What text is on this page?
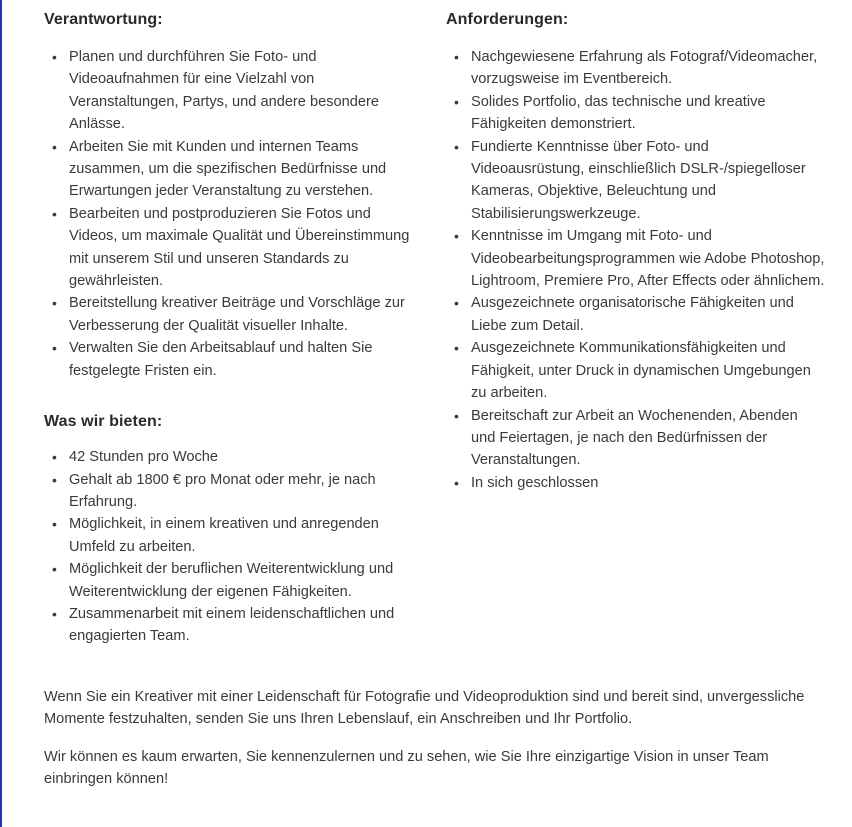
Verantwortung:
• Planen und durchführen Sie Foto- und Videoaufnahmen für eine Vielzahl von Veranstaltungen, Partys, und andere besondere Anlässe.
• Arbeiten Sie mit Kunden und internen Teams zusammen, um die spezifischen Bedürfnisse und Erwartungen jeder Veranstaltung zu verstehen.
• Bearbeiten und postproduzieren Sie Fotos und Videos, um maximale Qualität und Übereinstimmung mit unserem Stil und unseren Standards zu gewährleisten.
• Bereitstellung kreativer Beiträge und Vorschläge zur Verbesserung der Qualität visueller Inhalte.
• Verwalten Sie den Arbeitsablauf und halten Sie festgelegte Fristen ein.
Was wir bieten:
• 42 Stunden pro Woche
• Gehalt ab 1800 € pro Monat oder mehr, je nach Erfahrung.
• Möglichkeit, in einem kreativen und anregenden Umfeld zu arbeiten.
• Möglichkeit der beruflichen Weiterentwicklung und Weiterentwicklung der eigenen Fähigkeiten.
• Zusammenarbeit mit einem leidenschaftlichen und engagierten Team.
Anforderungen:
• Nachgewiesene Erfahrung als Fotograf/Videomacher, vorzugsweise im Eventbereich.
• Solides Portfolio, das technische und kreative Fähigkeiten demonstriert.
• Fundierte Kenntnisse über Foto- und Videoausrüstung, einschließlich DSLR-/spiegelloser Kameras, Objektive, Beleuchtung und Stabilisierungswerkzeuge.
• Kenntnisse im Umgang mit Foto- und Videobearbeitungsprogrammen wie Adobe Photoshop, Lightroom, Premiere Pro, After Effects oder ähnlichem.
• Ausgezeichnete organisatorische Fähigkeiten und Liebe zum Detail.
• Ausgezeichnete Kommunikationsfähigkeiten und Fähigkeit, unter Druck in dynamischen Umgebungen zu arbeiten.
• Bereitschaft zur Arbeit an Wochenenden, Abenden und Feiertagen, je nach den Bedürfnissen der Veranstaltungen.
• In sich geschlossen

Wenn Sie ein Kreativer mit einer Leidenschaft für Fotografie und Videoproduktion sind und bereit sind, unvergessliche Momente festzuhalten, senden Sie uns Ihren Lebenslauf, ein Anschreiben und Ihr Portfolio.

Wir können es kaum erwarten, Sie kennenzulernen und zu sehen, wie Sie Ihre einzigartige Vision in unser Team einbringen können!
